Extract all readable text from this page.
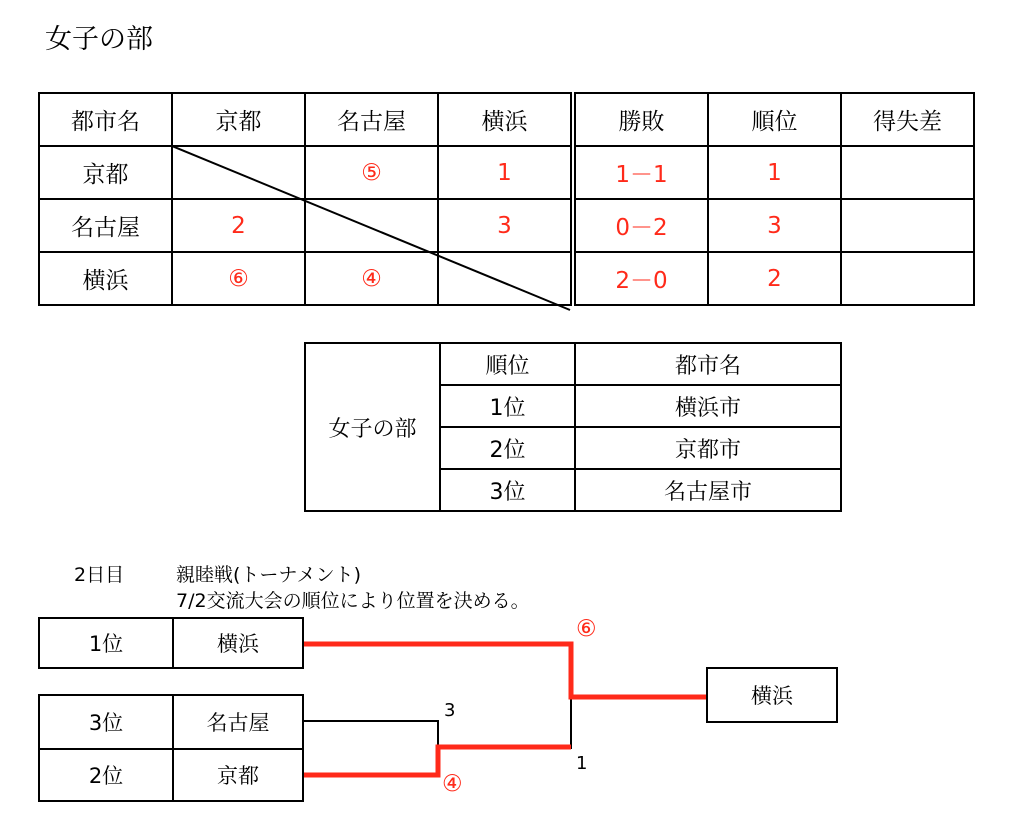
女子の部
都市名	京都	名古屋	横浜	勝敗	順位	得失差
京都		⑤	1	1－1	1	
名古屋	2		3	0－2	3	
横浜	⑥	④		2－0	2	
女子の部	順位	都市名
	1位	横浜市
	2位	京都市
	3位	名古屋市
2日目	親睦戦(トーナメント)
7/2交流大会の順位により位置を決める。
1位	横浜
3位	名古屋
2位	京都
3
④
⑥
1
横浜
